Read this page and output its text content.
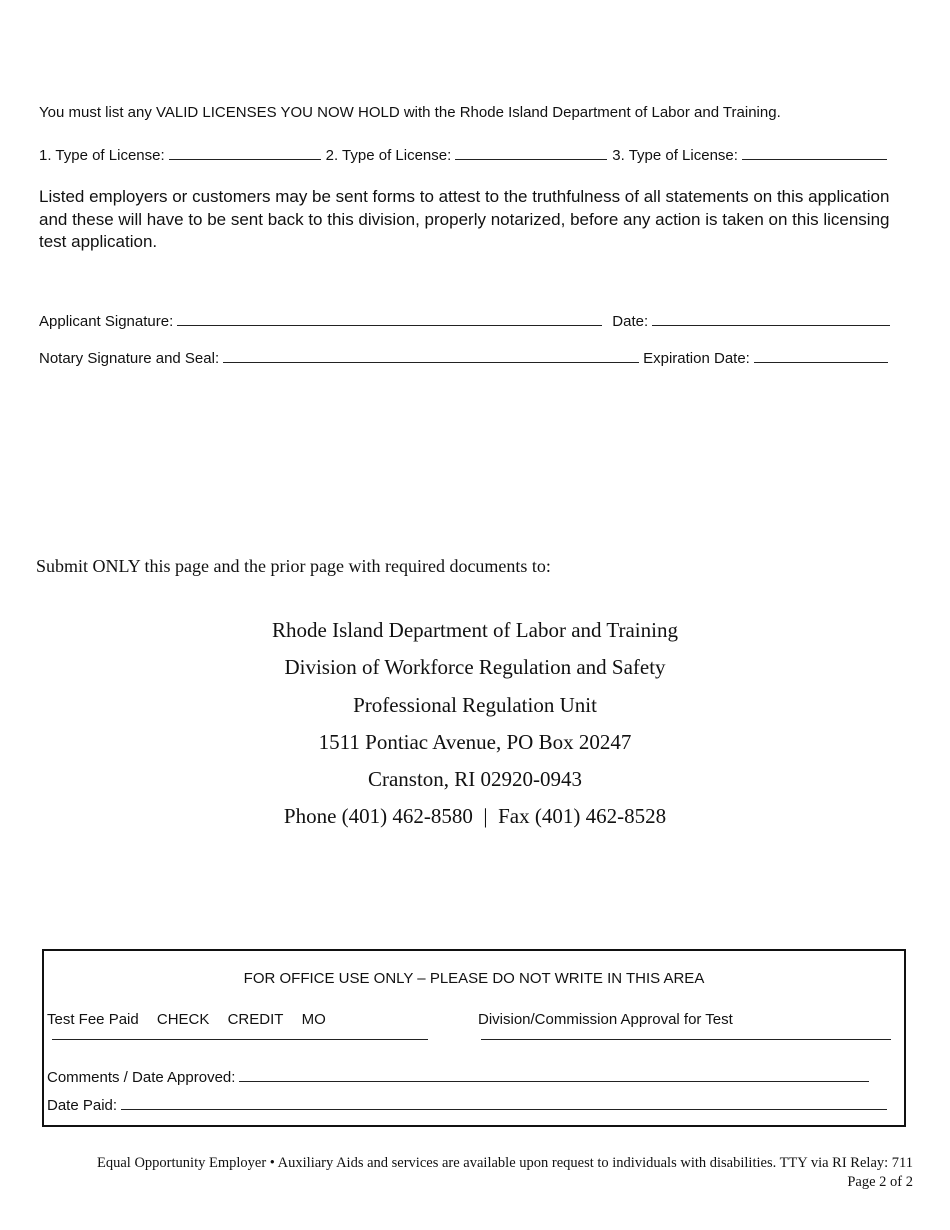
You must list any VALID LICENSES YOU NOW HOLD with the Rhode Island Department of Labor and Training.
1. Type of License:	2. Type of License:	3. Type of License:
Listed employers or customers may be sent forms to attest to the truthfulness of all statements on this application and these will have to be sent back to this division, properly notarized, before any action is taken on this licensing test application.
Applicant Signature:	Date:
Notary Signature and Seal:	Expiration Date:
Submit ONLY this page and the prior page with required documents to:
Rhode Island Department of Labor and Training
Division of Workforce Regulation and Safety
Professional Regulation Unit
1511 Pontiac Avenue, PO Box 20247
Cranston, RI 02920-0943
Phone (401) 462-8580  |  Fax (401) 462-8528
FOR OFFICE USE ONLY – PLEASE DO NOT WRITE IN THIS AREA
Test Fee Paid CHECK CREDIT MO	Division/Commission Approval for Test
Comments / Date Approved:
Date Paid:
Equal Opportunity Employer • Auxiliary Aids and services are available upon request to individuals with disabilities. TTY via RI Relay: 711
Page 2 of 2
